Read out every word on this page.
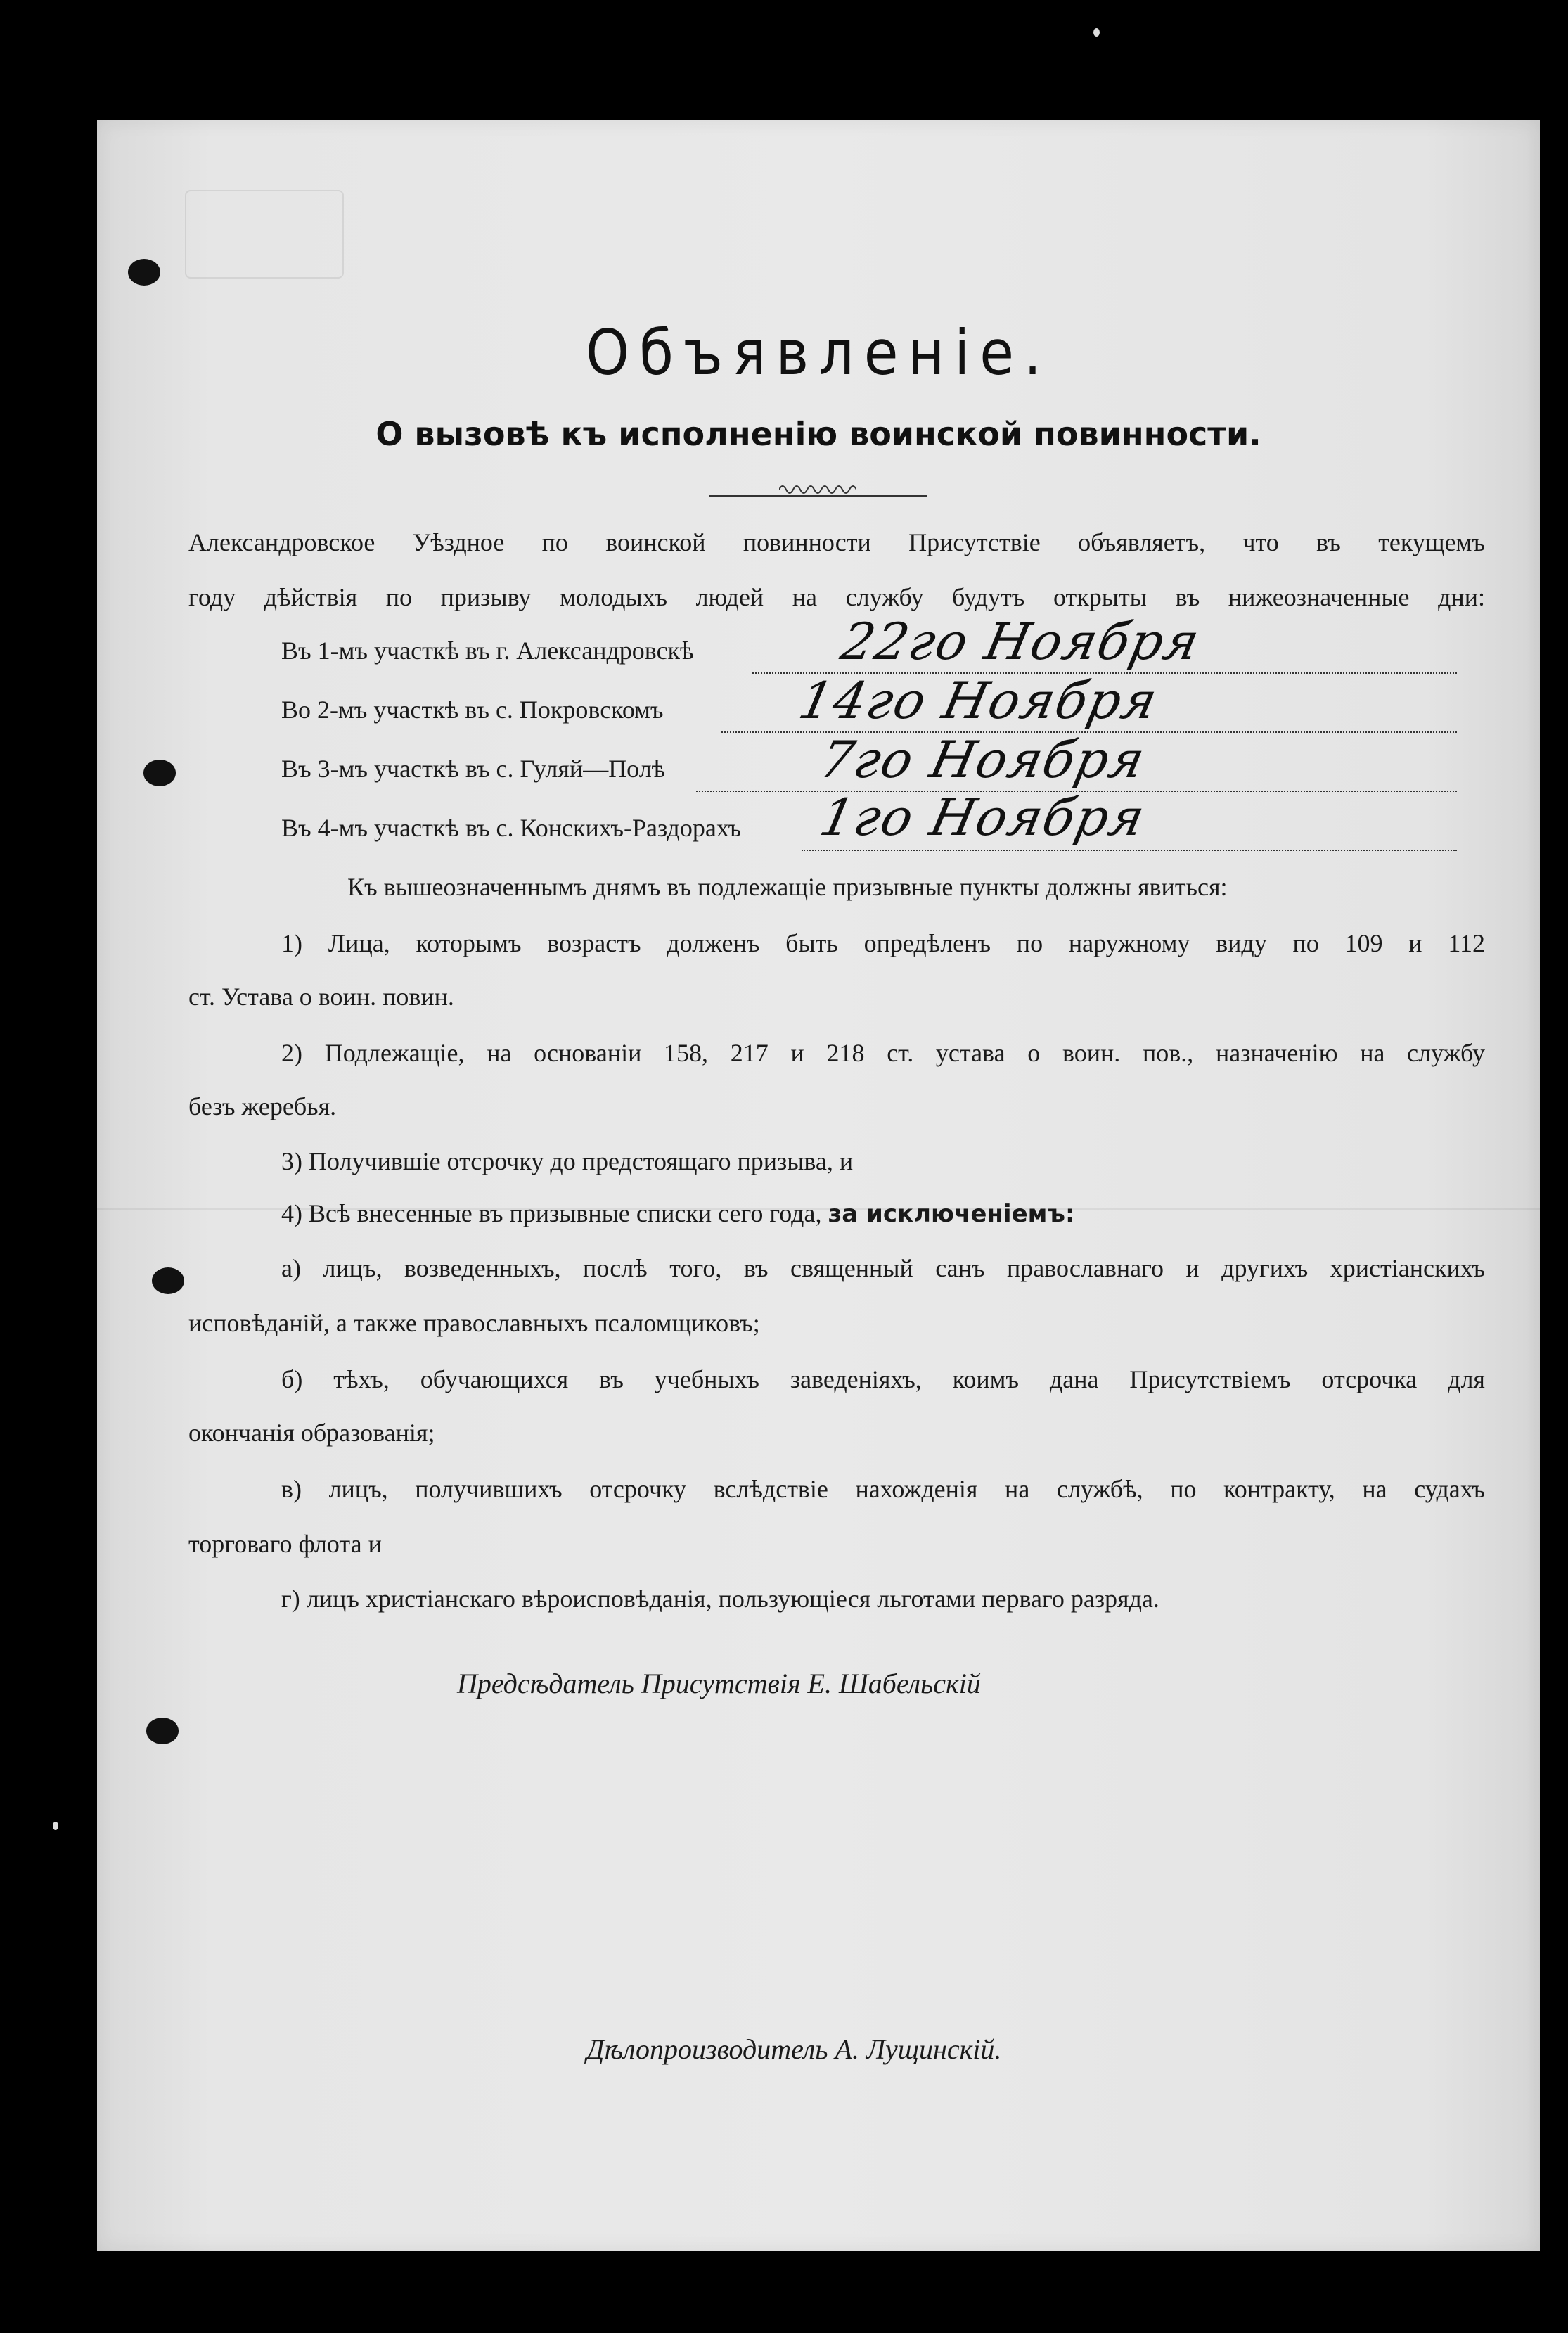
Объявленіе.
О вызовѣ къ исполненію воинской повинности.
Александровское Уѣздное по воинской повинности Присутствіе объявляетъ, что въ текущемъ
году дѣйствія по призыву молодыхъ людей на службу будутъ открыты въ нижеозначенные дни:
Въ 1-мъ участкѣ въ г. Александровскѣ	22го Ноября
Во 2-мъ участкѣ въ с. Покровскомъ	14го Ноября
Въ 3-мъ участкѣ въ с. Гуляй—Полѣ	7го Ноября
Въ 4-мъ участкѣ въ с. Конскихъ-Раздорахъ 1го Ноября
Къ вышеозначеннымъ днямъ въ подлежащіе призывные пункты должны явиться:
1) Лица, которымъ возрастъ долженъ быть опредѣленъ по наружному виду по 109 и 112
ст. Устава о воин. повин.
2) Подлежащіе, на основаніи 158, 217 и 218 ст. устава о воин. пов., назначенію на службу
безъ жеребья.
3) Получившіе отсрочку до предстоящаго призыва, и
4) Всѣ внесенные въ призывные списки сего года, за исключеніемъ:
а) лицъ, возведенныхъ, послѣ того, въ священный санъ православнаго и другихъ христіанскихъ
исповѣданій, а также православныхъ псаломщиковъ;
б) тѣхъ, обучающихся въ учебныхъ заведеніяхъ, коимъ дана Присутствіемъ отсрочка для
окончанія образованія;
в) лицъ, получившихъ отсрочку вслѣдствіе нахожденія на службѣ, по контракту, на судахъ
торговаго флота и
г) лицъ христіанскаго вѣроисповѣданія, пользующіеся льготами перваго разряда.
Предсѣдатель Присутствія Е. Шабельскій
Дѣлопроизводитель А. Лущинскій.
